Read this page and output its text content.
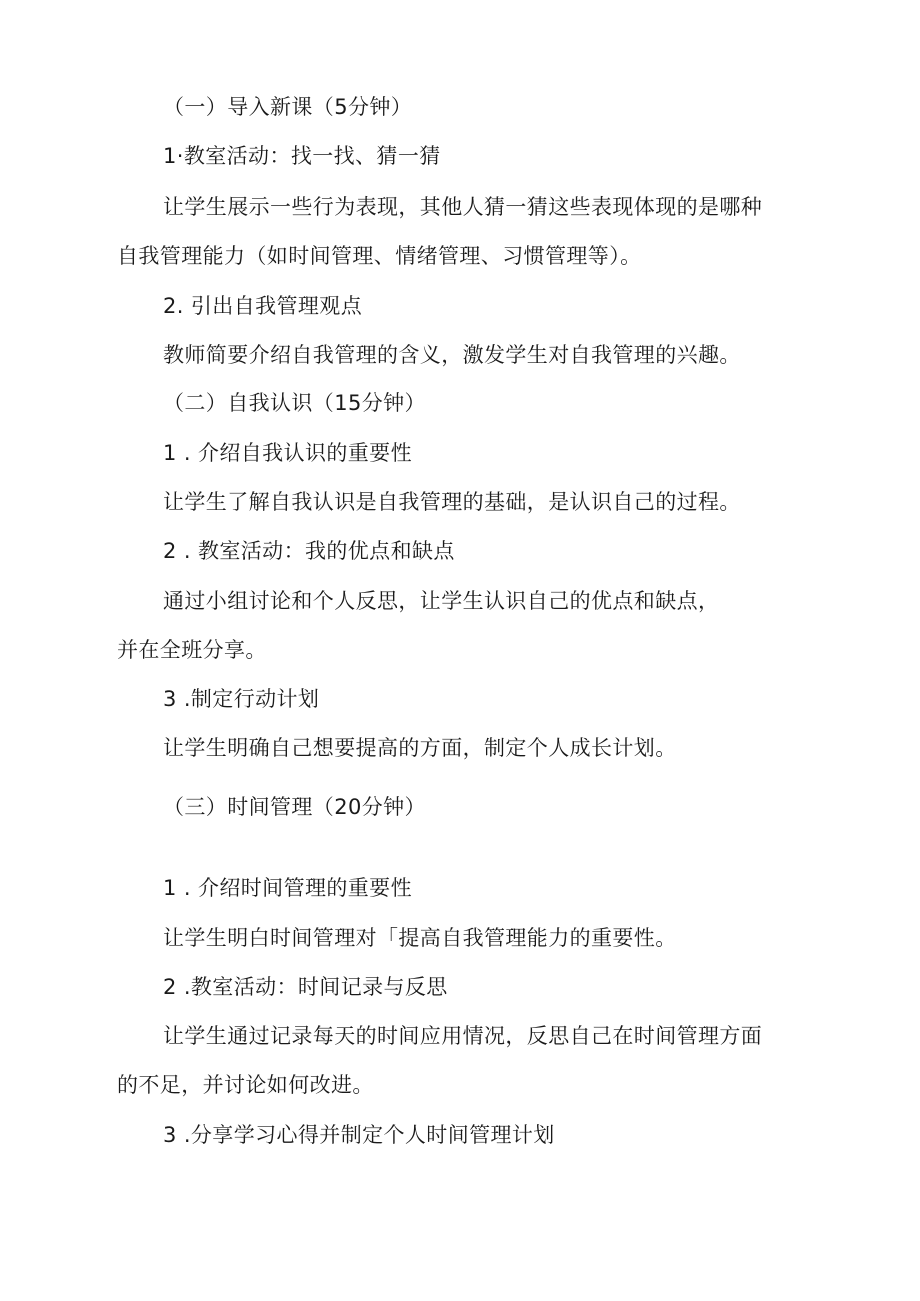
（一）导入新课（5分钟）
1·教室活动：找一找、猜一猜
让学生展示一些行为表现，其他人猜一猜这些表现体现的是哪种
自我管理能力（如时间管理、情绪管理、习惯管理等）。
2. 引出自我管理观点
教师简要介绍自我管理的含义，激发学生对自我管理的兴趣。
（二）自我认识（15分钟）
1 . 介绍自我认识的重要性
让学生了解自我认识是自我管理的基础，是认识自己的过程。
2 . 教室活动：我的优点和缺点
通过小组讨论和个人反思，让学生认识自己的优点和缺点，
并在全班分享。
3 .制定行动计划
让学生明确自己想要提高的方面，制定个人成长计划。
（三）时间管理（20分钟）
1 . 介绍时间管理的重要性
让学生明白时间管理对「提高自我管理能力的重要性。
2 .教室活动：时间记录与反思
让学生通过记录每天的时间应用情况，反思自己在时间管理方面
的不足，并讨论如何改进。
3 .分享学习心得并制定个人时间管理计划
